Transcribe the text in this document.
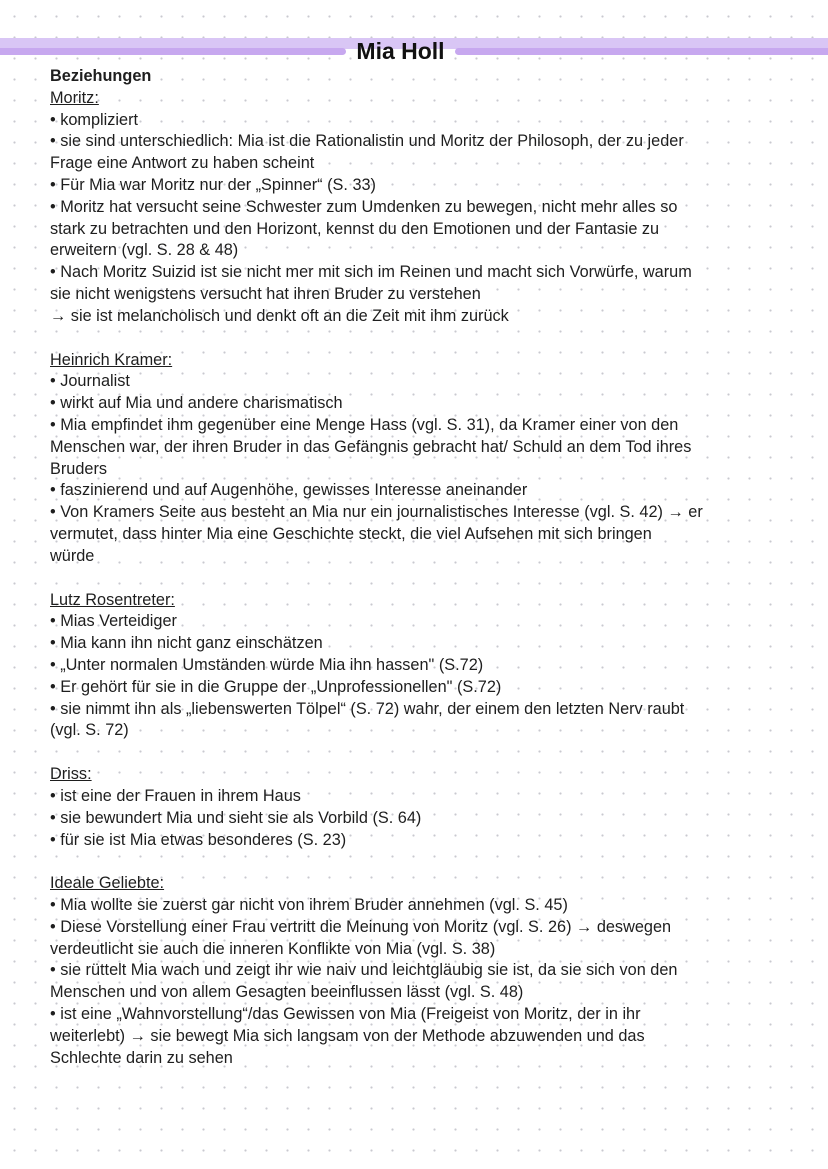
Mia Holl
Beziehungen
Moritz:
• kompliziert
• sie sind unterschiedlich: Mia ist die Rationalistin und Moritz der Philosoph, der zu jeder
Frage eine Antwort zu haben scheint
• Für Mia war Moritz nur der „Spinner“ (S. 33)
• Moritz hat versucht seine Schwester zum Umdenken zu bewegen, nicht mehr alles so
stark zu betrachten und den Horizont, kennst du den Emotionen und der Fantasie zu
erweitern (vgl. S. 28 & 48)
• Nach Moritz Suizid ist sie nicht mer mit sich im Reinen und macht sich Vorwürfe, warum
sie nicht wenigstens versucht hat ihren Bruder zu verstehen
→ sie ist melancholisch und denkt oft an die Zeit mit ihm zurück
Heinrich Kramer:
• Journalist
• wirkt auf Mia und andere charismatisch
• Mia empfindet ihm gegenüber eine Menge Hass (vgl. S. 31), da Kramer einer von den
Menschen war, der ihren Bruder in das Gefängnis gebracht hat/ Schuld an dem Tod ihres
Bruders
• faszinierend und auf Augenhöhe, gewisses Interesse aneinander
• Von Kramers Seite aus besteht an Mia nur ein journalistisches Interesse (vgl. S. 42) → er
vermutet, dass hinter Mia eine Geschichte steckt, die viel Aufsehen mit sich bringen
würde
Lutz Rosentreter:
• Mias Verteidiger
• Mia kann ihn nicht ganz einschätzen
• „Unter normalen Umständen würde Mia ihn hassen" (S.72)
• Er gehört für sie in die Gruppe der „Unprofessionellen" (S.72)
• sie nimmt ihn als „liebenswerten Tölpel“ (S. 72) wahr, der einem den letzten Nerv raubt
(vgl. S. 72)
Driss:
• ist eine der Frauen in ihrem Haus
• sie bewundert Mia und sieht sie als Vorbild (S. 64)
• für sie ist Mia etwas besonderes (S. 23)
Ideale Geliebte:
• Mia wollte sie zuerst gar nicht von ihrem Bruder annehmen (vgl. S. 45)
• Diese Vorstellung einer Frau vertritt die Meinung von Moritz (vgl. S. 26) → deswegen
verdeutlicht sie auch die inneren Konflikte von Mia (vgl. S. 38)
• sie rüttelt Mia wach und zeigt ihr wie naiv und leichtgläubig sie ist, da sie sich von den
Menschen und von allem Gesagten beeinflussen lässt (vgl. S. 48)
• ist eine „Wahnvorstellung“/das Gewissen von Mia (Freigeist von Moritz, der in ihr
weiterlebt) → sie bewegt Mia sich langsam von der Methode abzuwenden und das
Schlechte darin zu sehen
